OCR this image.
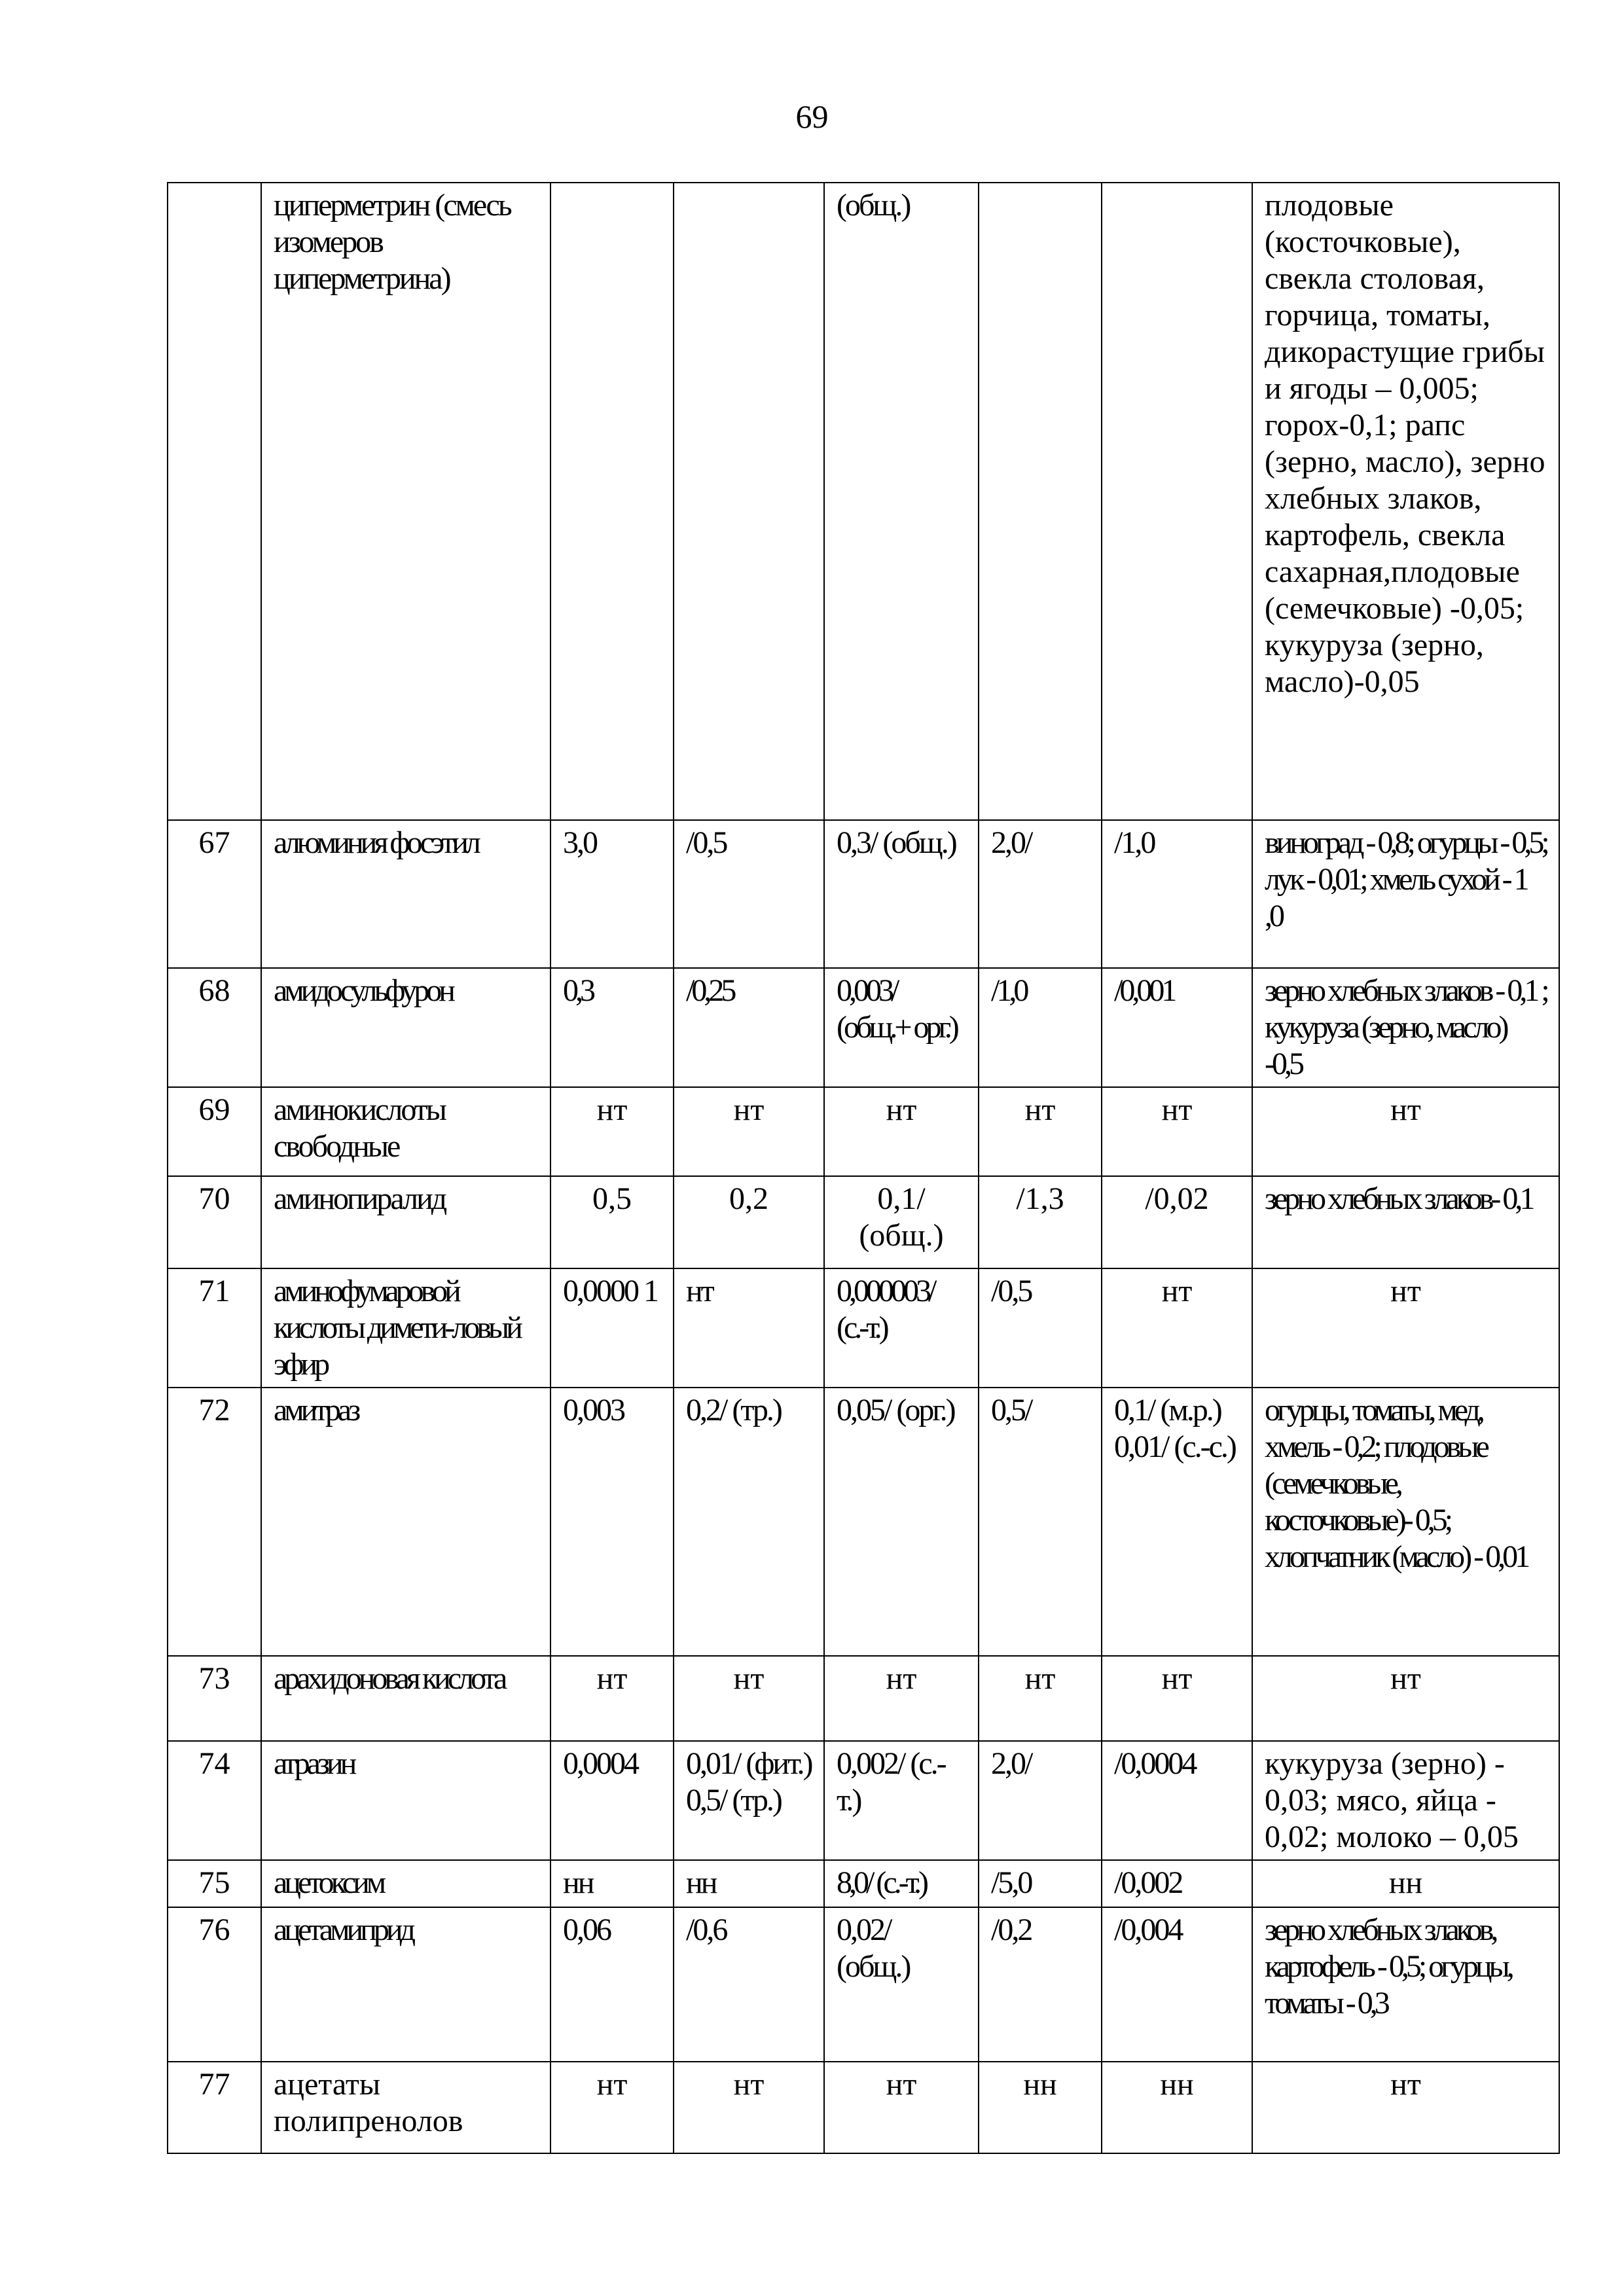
69
	циперметрин (смесь изомеров циперметрина)			(общ.)			плодовые (косточковые), свекла столовая, горчица, томаты, дикорастущие грибы и ягоды – 0,005; горох-0,1; рапс (зерно, масло), зерно хлебных злаков, картофель, свекла сахарная,плодовые (семечковые) -0,05; кукуруза (зерно, масло)-0,05
67	алюминия фосэтил	3,0	/0,5	0,3/ (общ.)	2,0/	/1,0	виноград - 0,8; огурцы - 0,5; лук - 0,01; хмель сухой - 1 ,0
68	амидосульфурон	0,3	/0,25	0,003/ (общ.+ орг.)	/1,0	/0,001	зерно хлебных злаков - 0,1 ; кукуруза (зерно, масло) -0,5
69	аминокислоты свободные	нт	нт	нт	нт	нт	нт
70	аминопиралид	0,5	0,2	0,1/ (общ.)	/1,3	/0,02	зерно хлебных злаков- 0,1
71	аминофумаровой кислоты димети-ловый эфир	0,0000 1	нт	0,000003/ (с.-т.)	/0,5	нт	нт
72	амитраз	0,003	0,2/ (тр.)	0,05/ (орг.)	0,5/	0,1/ (м.р.) 0,01/ (с.-с.)	огурцы, томаты, мед, хмель - 0,2; плодовые (семечковые, косточковые)- 0,5; хлопчатник (масло) - 0,01
73	арахидоновая кислота	нт	нт	нт	нт	нт	нт
74	атразин	0,0004	0,01/ (фит.) 0,5/ (тр.)	0,002/ (с.-т.)	2,0/	/0,0004	кукуруза (зерно) - 0,03; мясо, яйца - 0,02; молоко – 0,05
75	ацетоксим	нн	нн	8,0/ (с.-т.)	/5,0	/0,002	нн
76	ацетамиприд	0,06	/0,6	0,02/ (общ.)	/0,2	/0,004	зерно хлебных злаков, картофель - 0,5; огурцы, томаты - 0,3
77	ацетаты полипренолов	нт	нт	нт	нн	нн	нт
